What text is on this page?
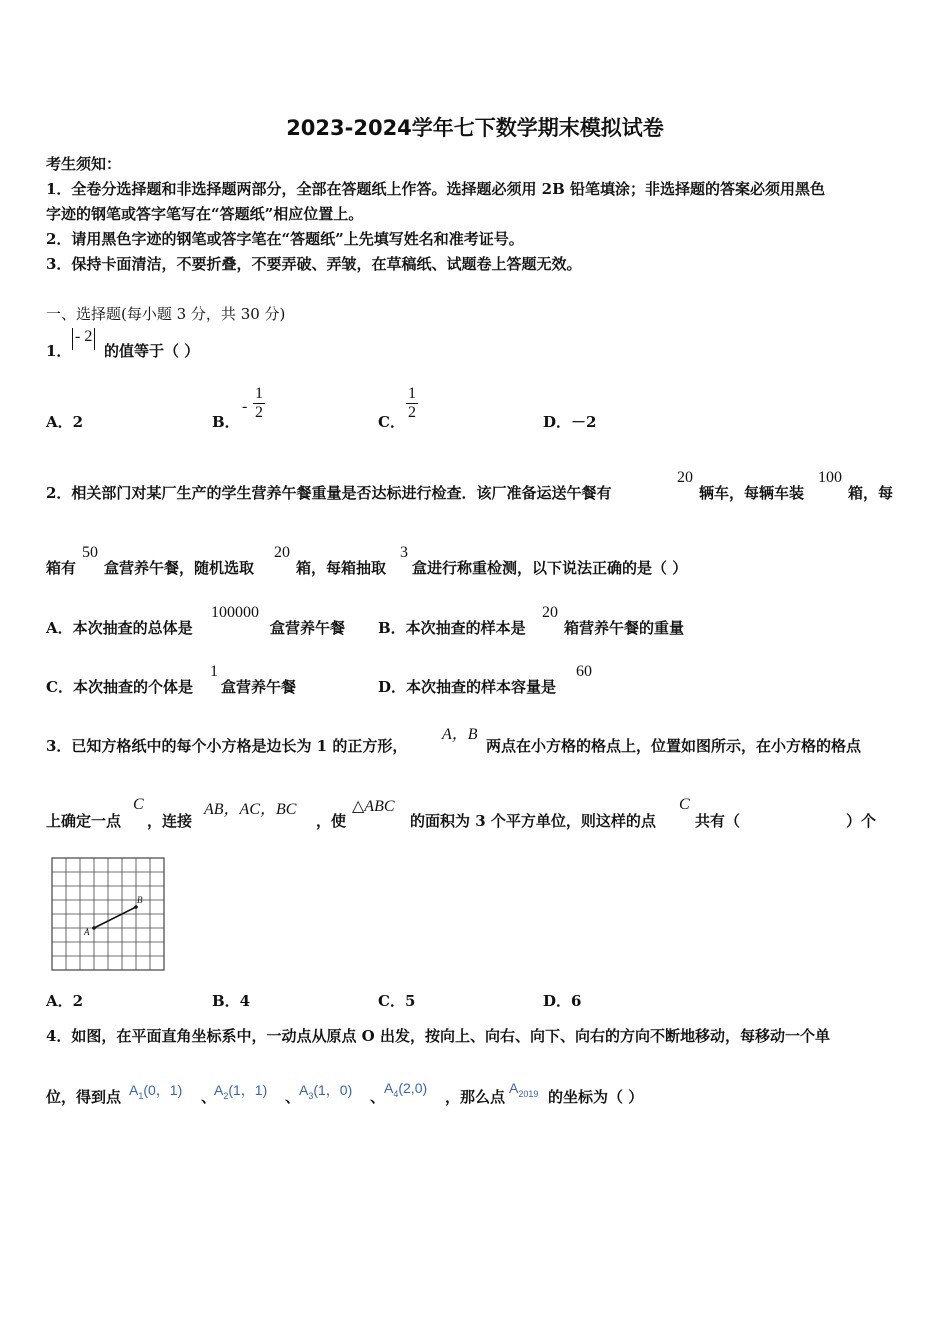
2023-2024学年七下数学期末模拟试卷
考生须知：
1．全卷分选择题和非选择题两部分，全部在答题纸上作答。选择题必须用 2B 铅笔填涂；非选择题的答案必须用黑色
字迹的钢笔或答字笔写在“答题纸”相应位置上。
2．请用黑色字迹的钢笔或答字笔在“答题纸”上先填写姓名和准考证号。
3．保持卡面清洁，不要折叠，不要弄破、弄皱，在草稿纸、试题卷上答题无效。
一、选择题(每小题 3 分，共 30 分)
1．
- 2
的值等于（ ）
A．2	B．
-
1
2
C．
1
2
D．－2
2．相关部门对某厂生产的学生营养午餐重量是否达标进行检查．该厂准备运送午餐有
20
辆车，每辆车装
100
箱，每
箱有
50
盒营养午餐，随机选取
20
箱，每箱抽取
3
盒进行称重检测，以下说法正确的是（ ）
A．本次抽查的总体是
100000
盒营养午餐 B．本次抽查的样本是
20
箱营养午餐的重量
C．本次抽查的个体是
1
盒营养午餐	D．本次抽查的样本容量是
60
3．已知方格纸中的每个小方格是边长为 1 的正方形，
A，B
两点在小方格的格点上，位置如图所示，在小方格的格点
上确定一点
C
，连接
AB，AC，BC
，使
△ABC
的面积为 3 个平方单位，则这样的点
C
共有（	）个
A
B
A．2	B．4	C．5	D．6
4．如图，在平面直角坐标系中，一动点从原点 O 出发，按向上、向右、向下、向右的方向不断地移动，每移动一个单
位，得到点 $A_1(0$，1) 、
$A_2(1$，1) 、
$A_3(1$，0) 、
$A_4(2,0)$ ，那么点 $A_{2019}$ 的坐标为（ ）
